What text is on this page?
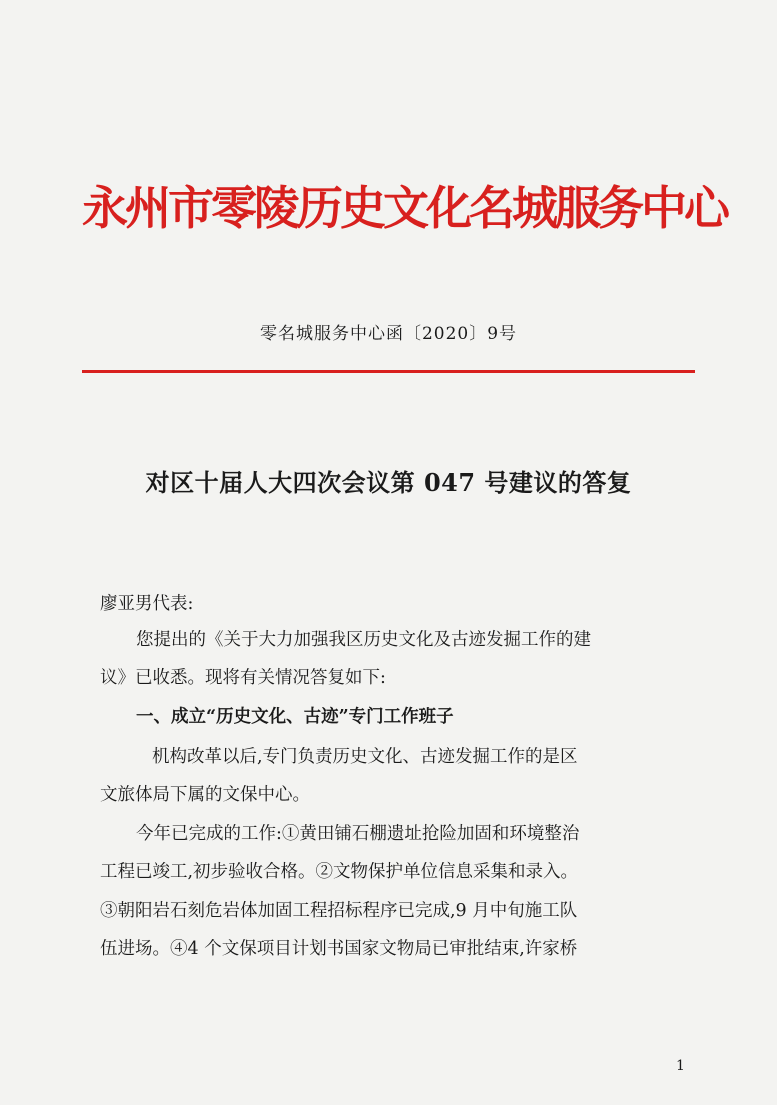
永州市零陵历史文化名城服务中心
零名城服务中心函〔2020〕9号
对区十届人大四次会议第 047 号建议的答复
廖亚男代表:
您提出的《关于大力加强我区历史文化及古迹发掘工作的建
议》已收悉。现将有关情况答复如下:
一、成立“历史文化、古迹”专门工作班子
机构改革以后,专门负责历史文化、古迹发掘工作的是区
文旅体局下属的文保中心。
今年已完成的工作:①黄田铺石棚遗址抢险加固和环境整治
工程已竣工,初步验收合格。②文物保护单位信息采集和录入。
③朝阳岩石刻危岩体加固工程招标程序已完成,9 月中旬施工队
伍进场。④4 个文保项目计划书国家文物局已审批结束,许家桥
1
